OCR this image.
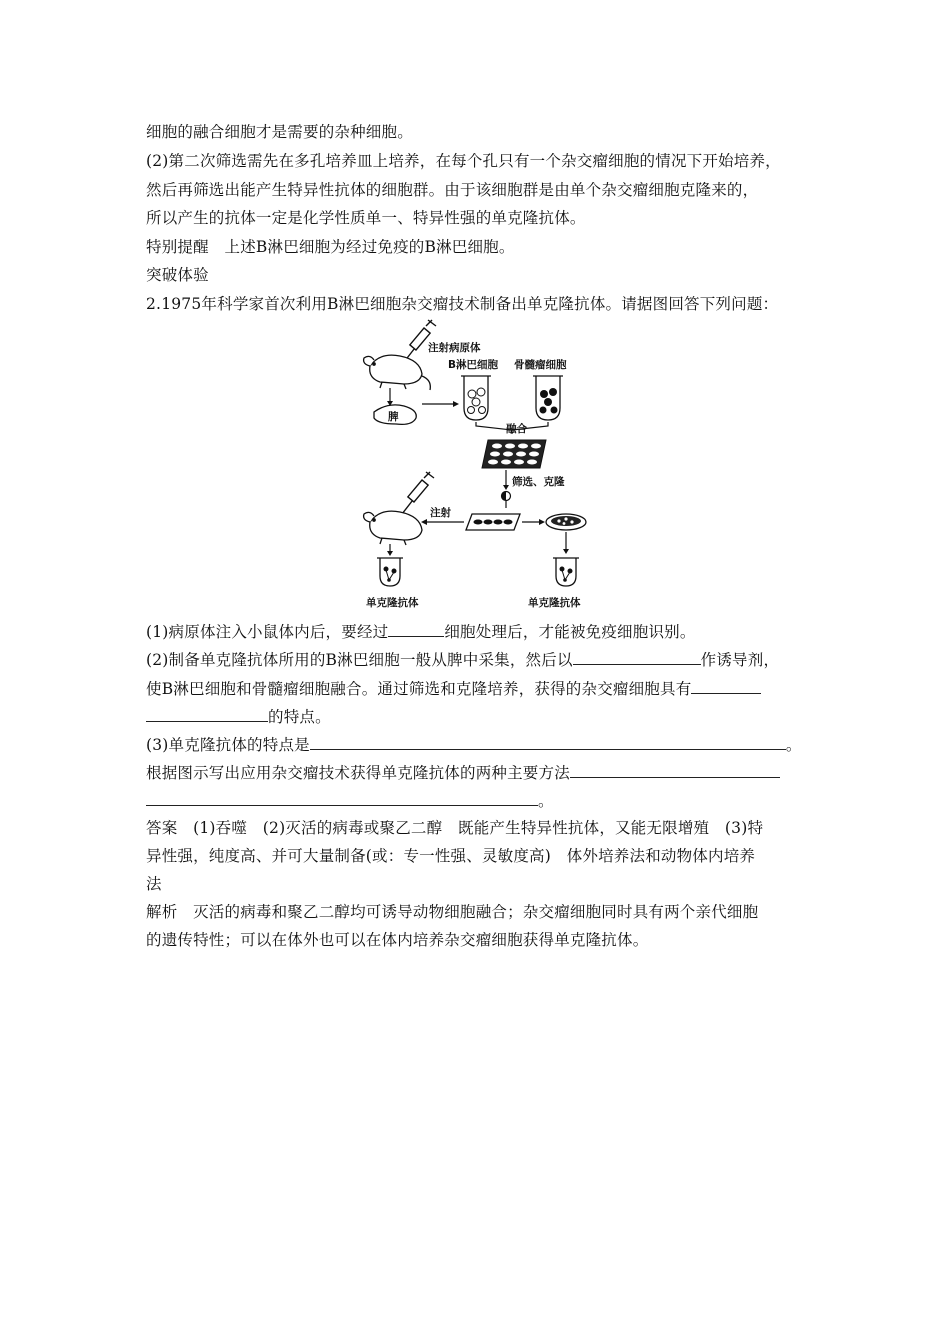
细胞的融合细胞才是需要的杂种细胞。
(2)第二次筛选需先在多孔培养皿上培养，在每个孔只有一个杂交瘤细胞的情况下开始培养，
然后再筛选出能产生特异性抗体的细胞群。由于该细胞群是由单个杂交瘤细胞克隆来的，
所以产生的抗体一定是化学性质单一、特异性强的单克隆抗体。
特别提醒　上述B淋巴细胞为经过免疫的B淋巴细胞。
突破体验
2.1975年科学家首次利用B淋巴细胞杂交瘤技术制备出单克隆抗体。请据图回答下列问题：
注射病原体
脾
B淋巴细胞 骨髓瘤细胞
融合
筛选、克隆
注射
单克隆抗体	单克隆抗体
(1)病原体注入小鼠体内后，要经过	细胞处理后，才能被免疫细胞识别。
(2)制备单克隆抗体所用的B淋巴细胞一般从脾中采集，然后以	作诱导剂，
使B淋巴细胞和骨髓瘤细胞融合。通过筛选和克隆培养，获得的杂交瘤细胞具有
的特点。
(3)单克隆抗体的特点是	。
根据图示写出应用杂交瘤技术获得单克隆抗体的两种主要方法
。
答案　(1)吞噬　(2)灭活的病毒或聚乙二醇　既能产生特异性抗体，又能无限增殖　(3)特
异性强，纯度高、并可大量制备(或：专一性强、灵敏度高)　体外培养法和动物体内培养
法
解析　灭活的病毒和聚乙二醇均可诱导动物细胞融合；杂交瘤细胞同时具有两个亲代细胞
的遗传特性；可以在体外也可以在体内培养杂交瘤细胞获得单克隆抗体。
